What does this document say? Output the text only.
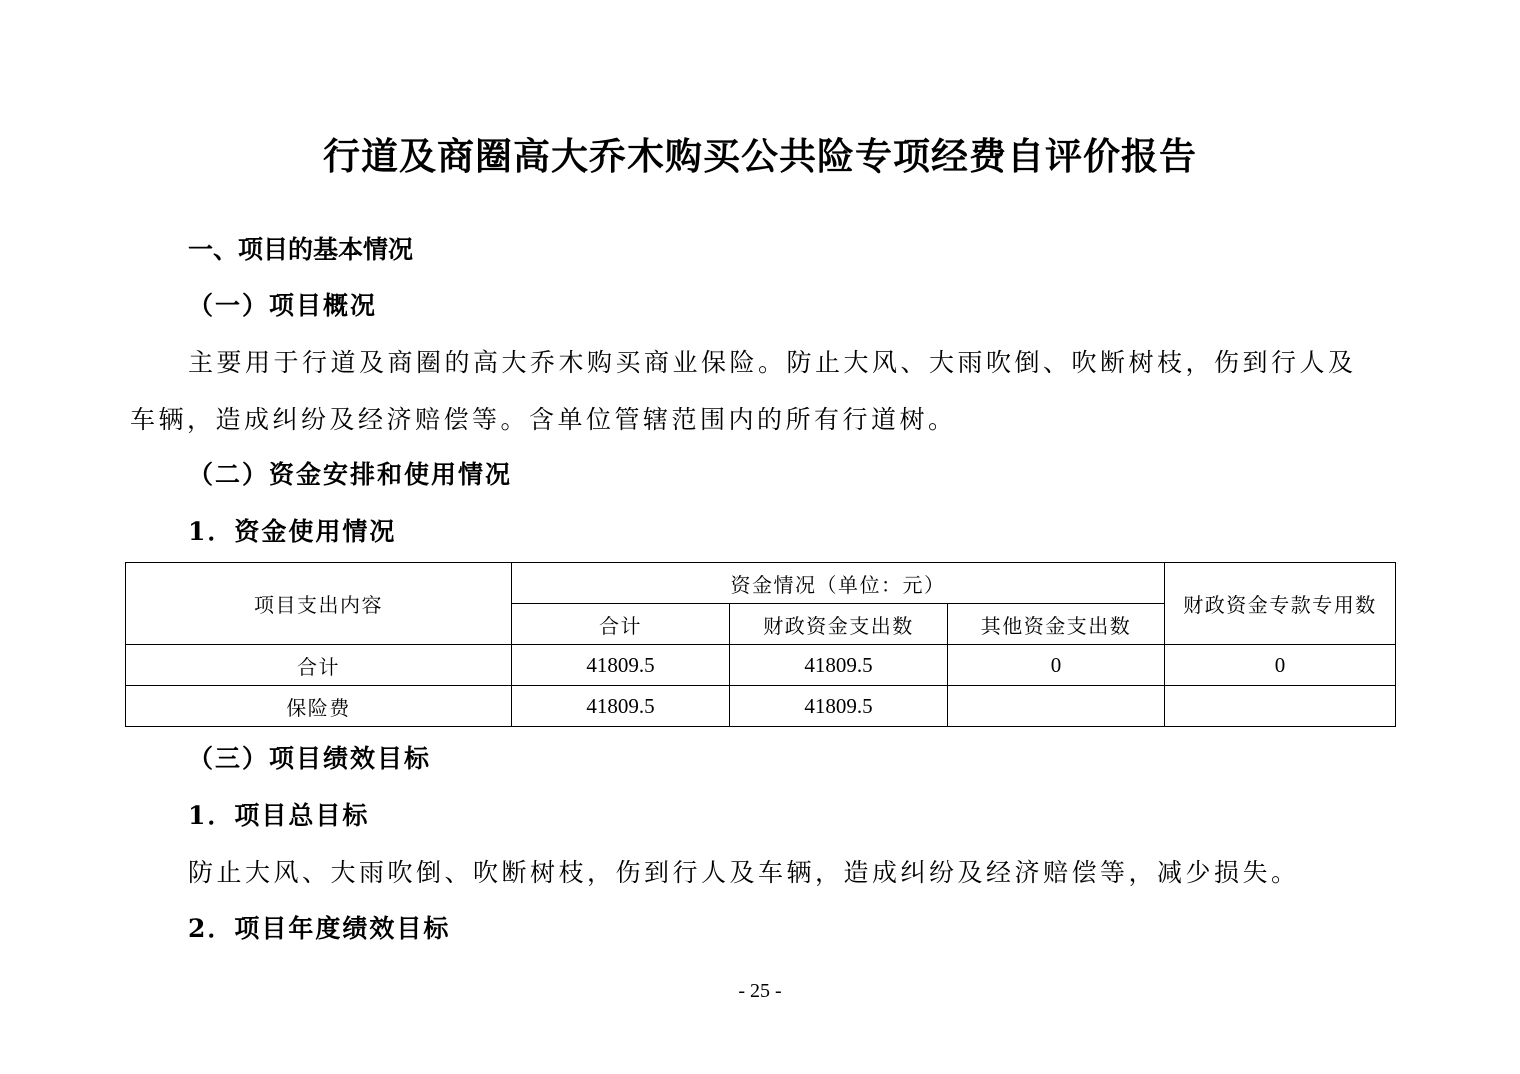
行道及商圈高大乔木购买公共险专项经费自评价报告
一、项目的基本情况
（一）项目概况
主要用于行道及商圈的高大乔木购买商业保险。防止大风、大雨吹倒、吹断树枝，伤到行人及
车辆，造成纠纷及经济赔偿等。含单位管辖范围内的所有行道树。
（二）资金安排和使用情况
1．资金使用情况
项目支出内容	资金情况（单位：元）			财政资金专款专用数
	合计	财政资金支出数	其他资金支出数	
合计	41809.5	41809.5	0	0
保险费	41809.5	41809.5		
（三）项目绩效目标
1．项目总目标
防止大风、大雨吹倒、吹断树枝，伤到行人及车辆，造成纠纷及经济赔偿等，减少损失。
2．项目年度绩效目标
- 25 -
